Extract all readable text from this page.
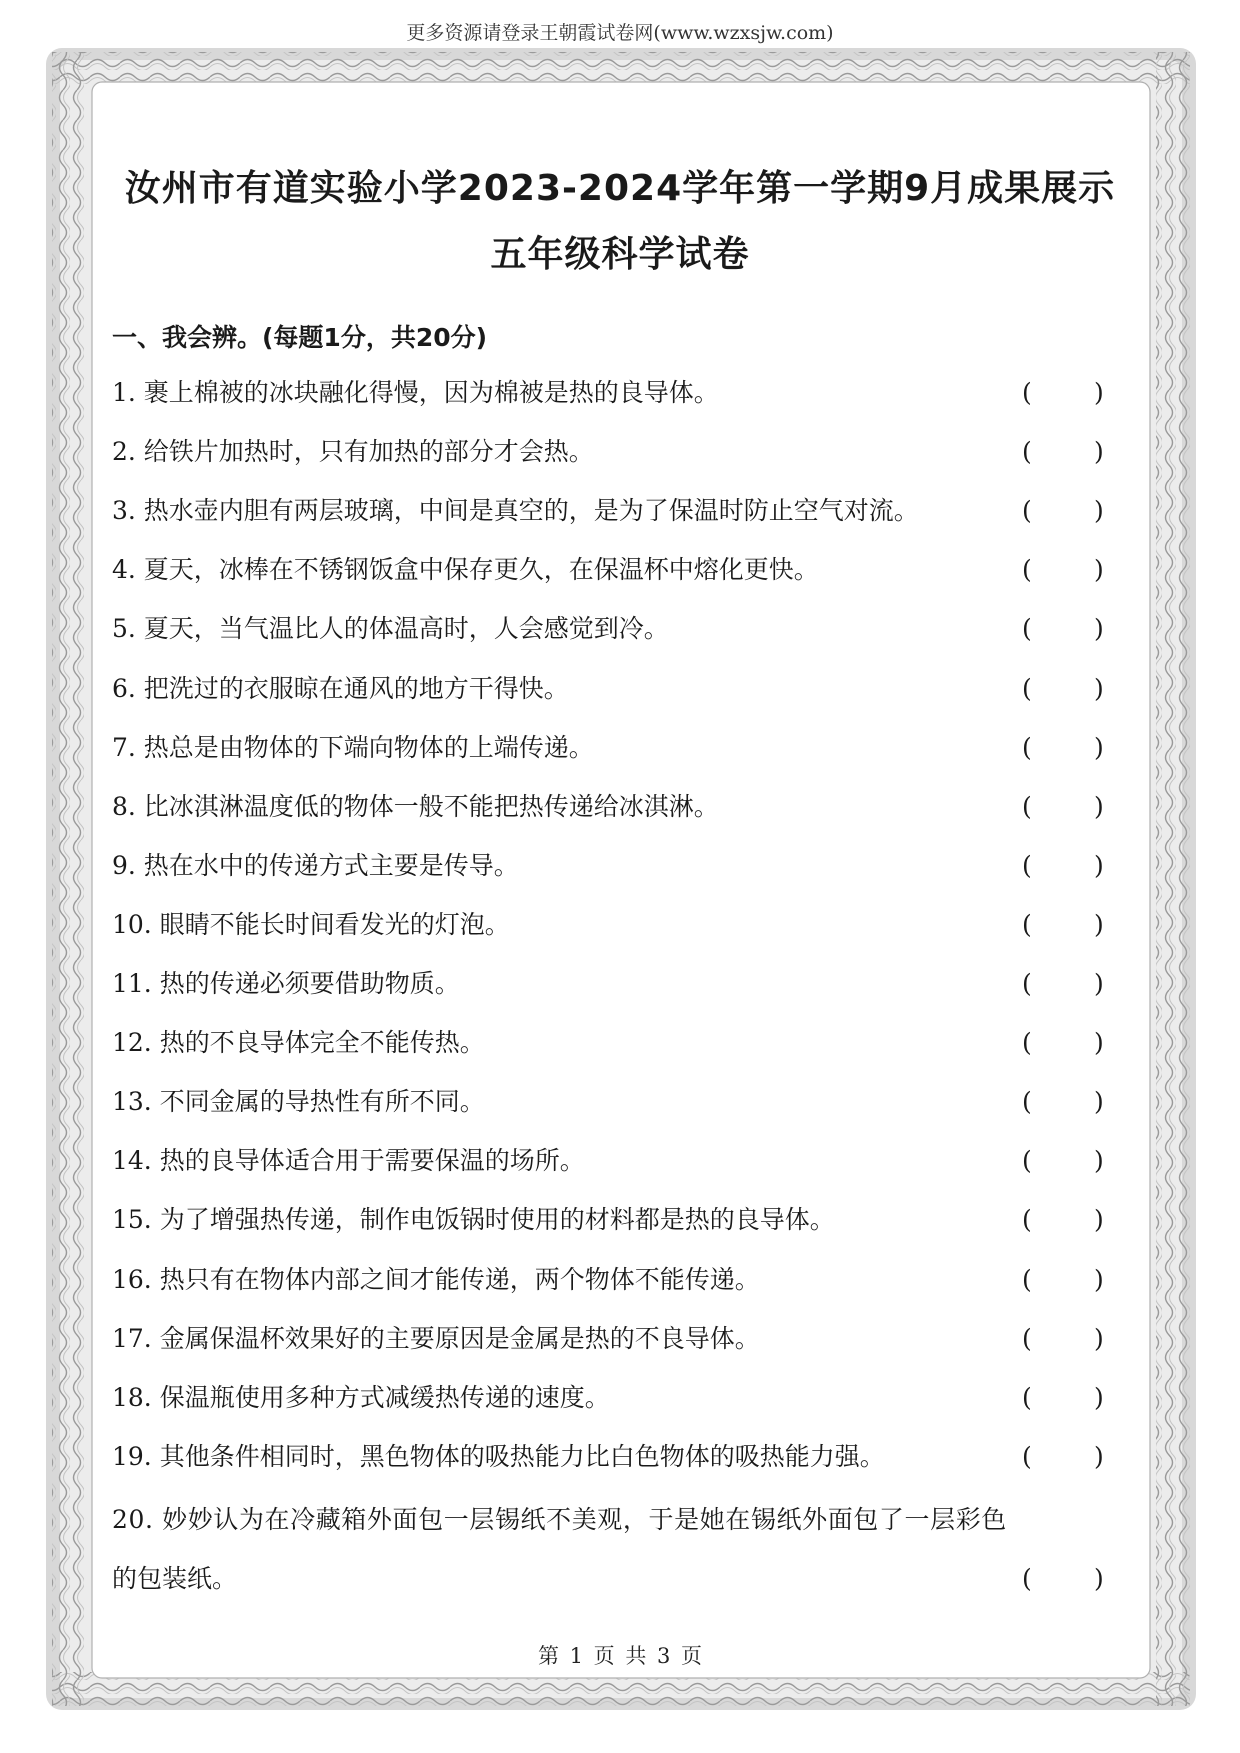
更多资源请登录王朝霞试卷网(www.wzxsjw.com)
汝州市有道实验小学2023-2024学年第一学期9月成果展示
五年级科学试卷
一、我会辨。(每题1分，共20分)
1. 裹上棉被的冰块融化得慢，因为棉被是热的良导体。	( )
2. 给铁片加热时，只有加热的部分才会热。	( )
3. 热水壶内胆有两层玻璃，中间是真空的，是为了保温时防止空气对流。	( )
4. 夏天，冰棒在不锈钢饭盒中保存更久，在保温杯中熔化更快。	( )
5. 夏天，当气温比人的体温高时，人会感觉到冷。	( )
6. 把洗过的衣服晾在通风的地方干得快。	( )
7. 热总是由物体的下端向物体的上端传递。	( )
8. 比冰淇淋温度低的物体一般不能把热传递给冰淇淋。	( )
9. 热在水中的传递方式主要是传导。	( )
10. 眼睛不能长时间看发光的灯泡。	( )
11. 热的传递必须要借助物质。	( )
12. 热的不良导体完全不能传热。	( )
13. 不同金属的导热性有所不同。	( )
14. 热的良导体适合用于需要保温的场所。	( )
15. 为了增强热传递，制作电饭锅时使用的材料都是热的良导体。	( )
16. 热只有在物体内部之间才能传递，两个物体不能传递。	( )
17. 金属保温杯效果好的主要原因是金属是热的不良导体。	( )
18. 保温瓶使用多种方式减缓热传递的速度。	( )
19. 其他条件相同时，黑色物体的吸热能力比白色物体的吸热能力强。	( )
20. 妙妙认为在冷藏箱外面包一层锡纸不美观，于是她在锡纸外面包了一层彩色
的包装纸。	( )
第 1 页 共 3 页
